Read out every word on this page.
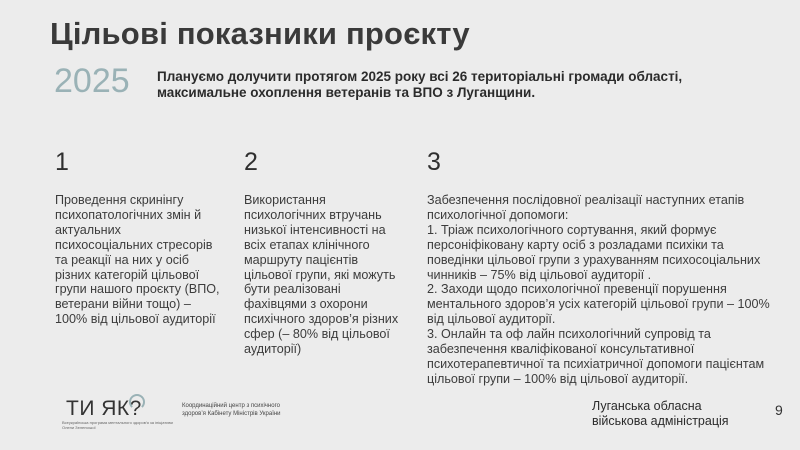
Цільові показники проєкту
2025 Плануємо долучити протягом 2025 року всі 26 територіальні громади області, максимальне охоплення ветеранів та ВПО з Луганщини.
1
Проведення скринінгу психопатологічних змін й актуальних психосоціальних стресорів та реакції на них у осіб різних категорій цільової групи нашого проєкту (ВПО, ветерани війни тощо) – 100% від цільової аудиторії
2
Використання психологічних втручань низької інтенсивності на всіх етапах клінічного маршруту пацієнтів цільової групи, які можуть бути реалізовані фахівцями з охорони психічного здоров’я різних сфер (– 80% від цільової аудиторії)
3

Забезпечення послідовної реалізації наступних етапів психологічної допомоги:

1. Тріаж психологічного сортування, який формує персоніфіковану карту осіб з розладами психіки та поведінки цільової групи з урахуванням психосоціальних чинників – 75% від цільової аудиторії .

2. Заходи щодо психологічної превенції порушення ментального здоров’я усіх категорій цільової групи – 100% від цільової аудиторії.

3. Онлайн та оф лайн психологічний супровід та забезпечення кваліфікованої консультативної психотерапевтичної та психіатричної допомоги пацієнтам цільової групи – 100% від цільової аудиторії.

ТИ ЯК
?
Всеукраїнська програма ментального здоров'я за ініціативи Олени Зеленської
Координаційний центр з психічного здоров’я Кабінету Міністрів України
Луганська обласна військова адміністрація
9
